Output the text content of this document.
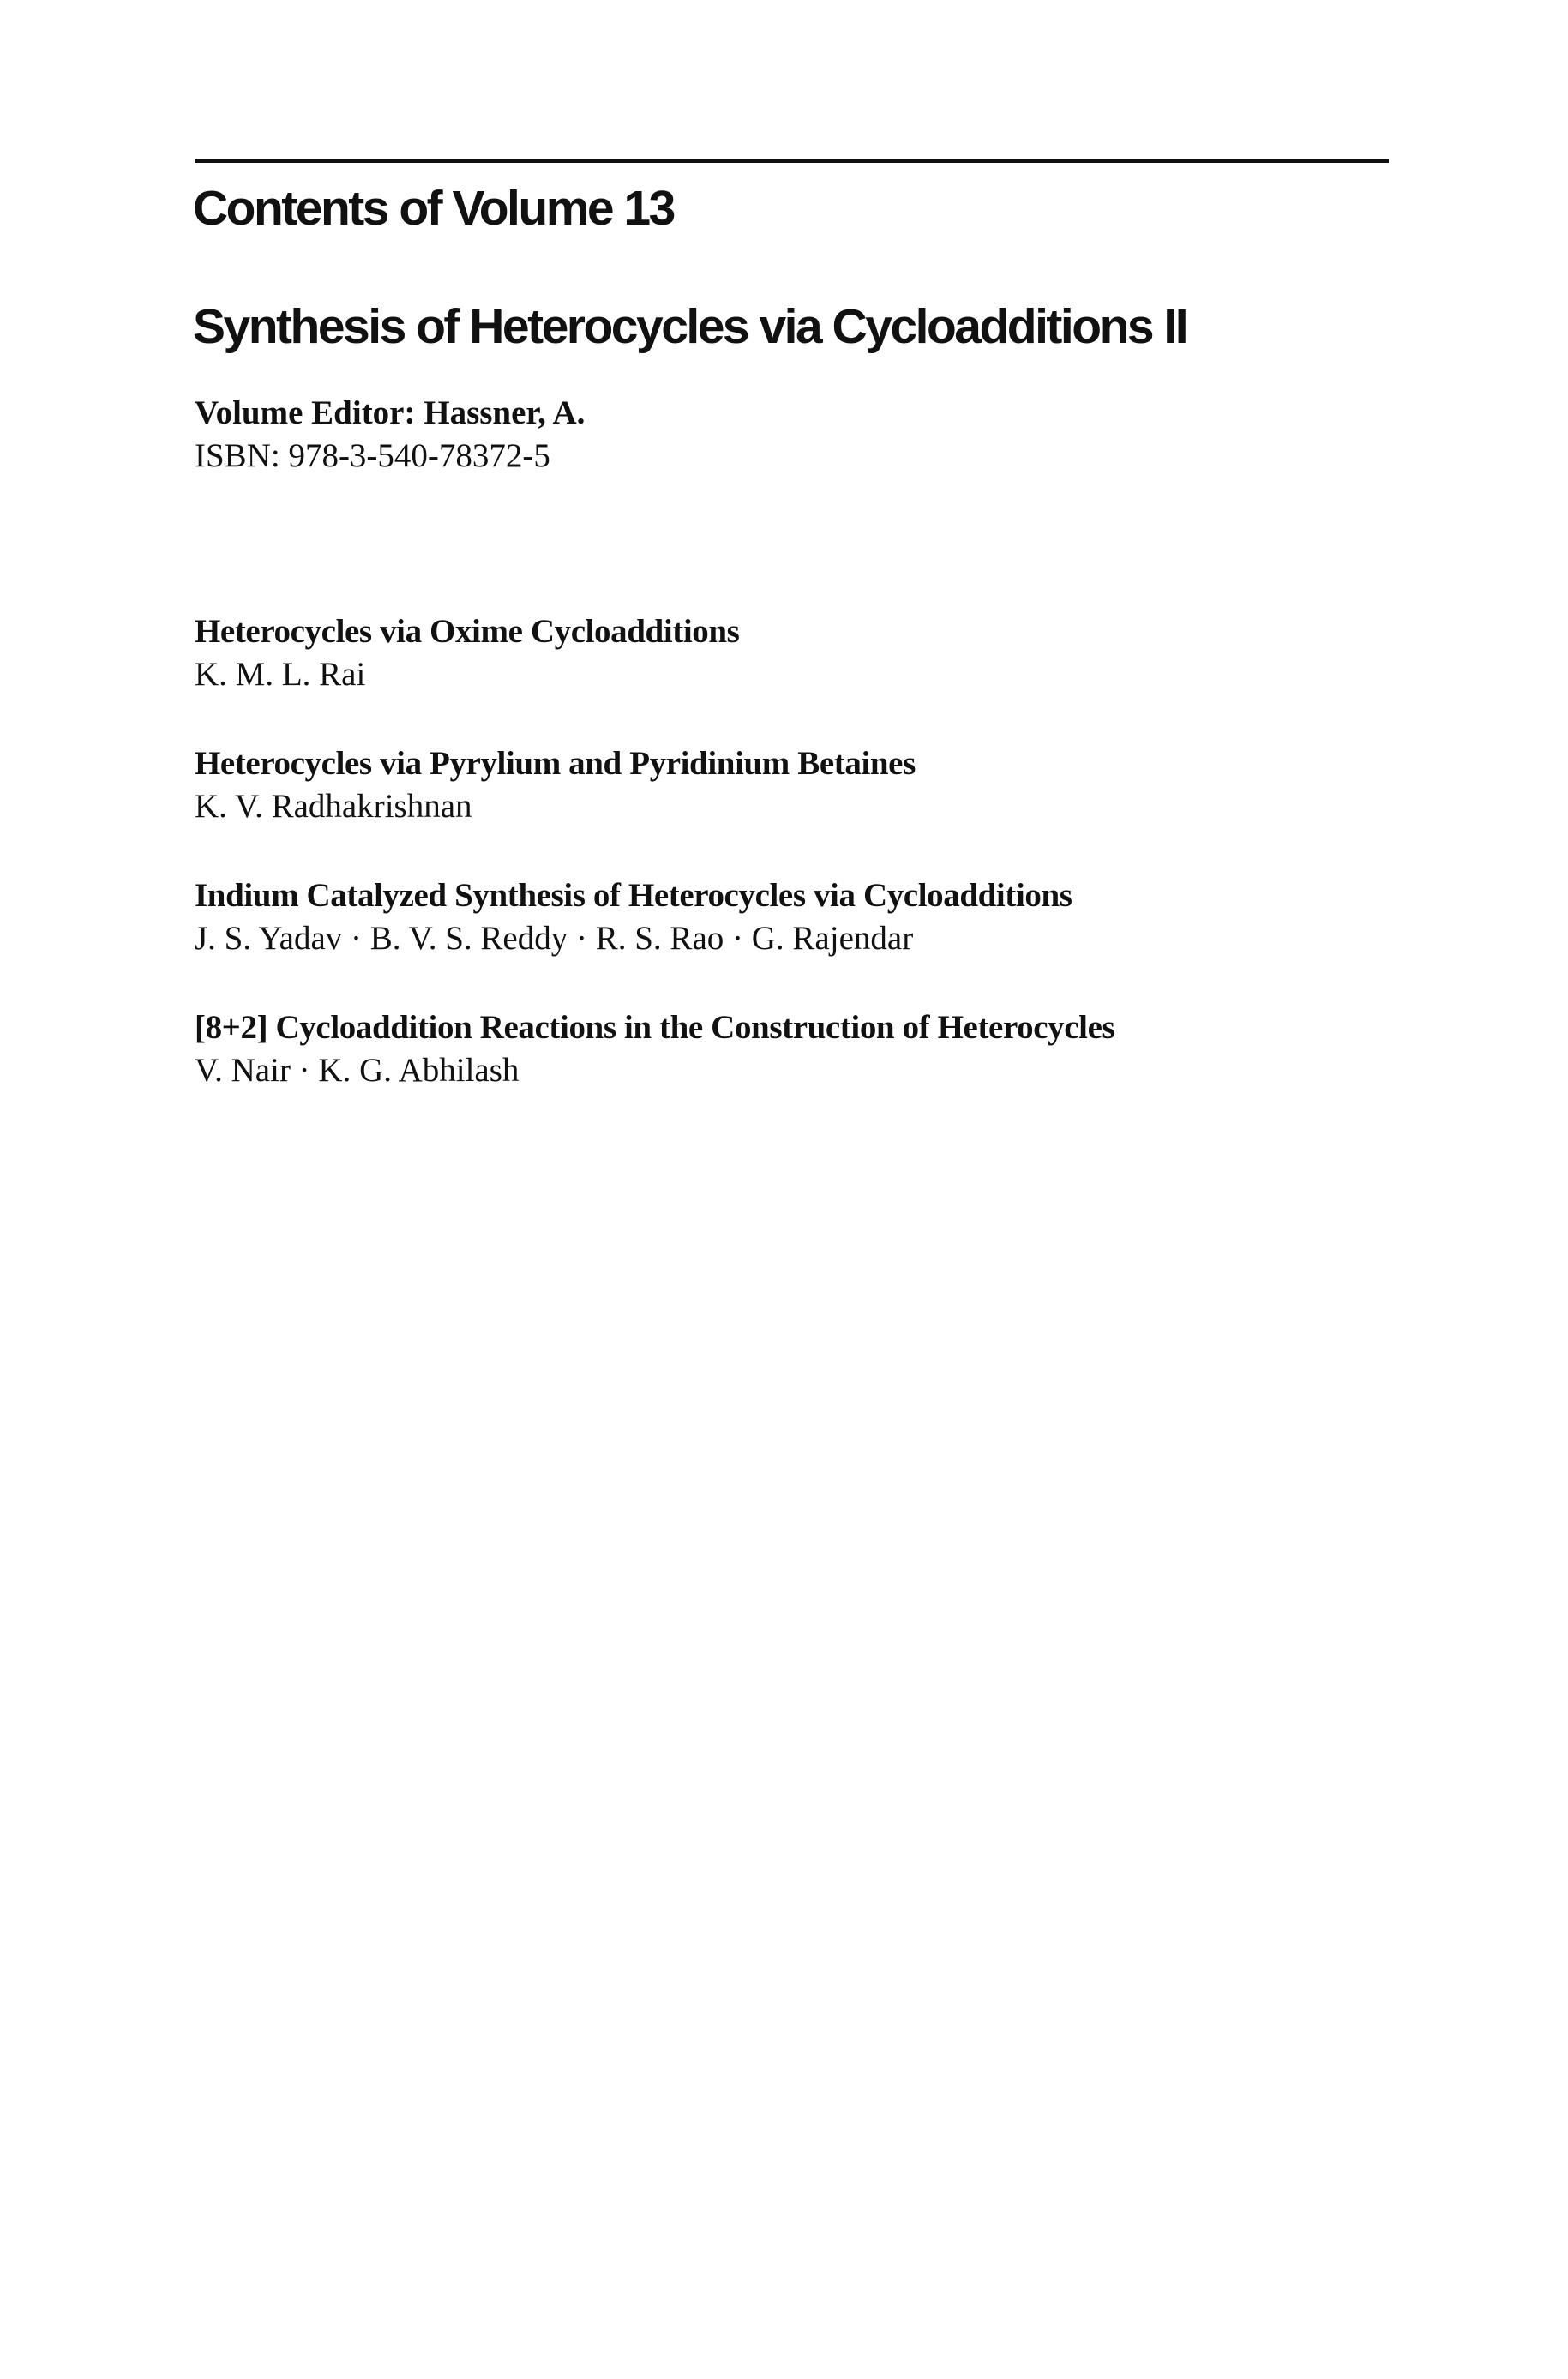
Contents of Volume 13
Synthesis of Heterocycles via Cycloadditions II
Volume Editor: Hassner, A.
ISBN: 978-3-540-78372-5
Heterocycles via Oxime Cycloadditions
K. M. L. Rai
Heterocycles via Pyrylium and Pyridinium Betaines
K. V. Radhakrishnan
Indium Catalyzed Synthesis of Heterocycles via Cycloadditions
J. S. Yadav · B. V. S. Reddy · R. S. Rao · G. Rajendar
[8+2] Cycloaddition Reactions in the Construction of Heterocycles
V. Nair · K. G. Abhilash
